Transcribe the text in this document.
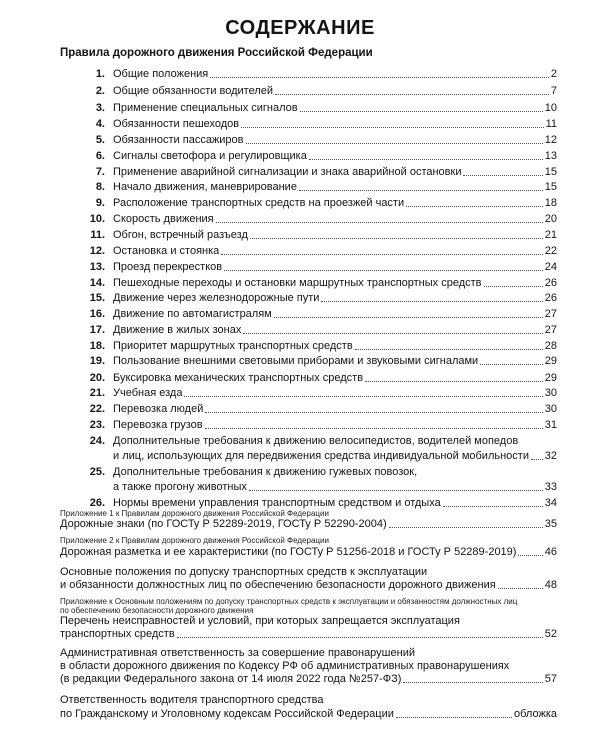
СОДЕРЖАНИЕ
Правила дорожного движения Российской Федерации
1. Общие положения	2
2. Общие обязанности водителей	7
3. Применение специальных сигналов	10
4. Обязанности пешеходов	11
5. Обязанности пассажиров	12
6. Сигналы светофора и регулировщика	13
7. Применение аварийной сигнализации и знака аварийной остановки	15
8. Начало движения, маневрирование	15
9. Расположение транспортных средств на проезжей части	18
10. Скорость движения	20
11. Обгон, встречный разъезд	21
12. Остановка и стоянка	22
13. Проезд перекрестков	24
14. Пешеходные переходы и остановки маршрутных транспортных средств	26
15. Движение через железнодорожные пути	26
16. Движение по автомагистралям	27
17. Движение в жилых зонах	27
18. Приоритет маршрутных транспортных средств	28
19. Пользование внешними световыми приборами и звуковыми сигналами	29
20. Буксировка механических транспортных средств	29
21. Учебная езда	30
22. Перевозка людей	30
23. Перевозка грузов	31
24. Дополнительные требования к движению велосипедистов, водителей мопедов
и лиц, использующих для передвижения средства индивидуальной мобильности 32
25. Дополнительные требования к движению гужевых повозок,
а также прогону животных	33
26. Нормы времени управления транспортным средством и отдыха	34
Приложение 1 к Правилам дорожного движения Российской Федерации
Дорожные знаки (по ГОСТу Р 52289-2019, ГОСТу Р 52290-2004)	35
Приложение 2 к Правилам дорожного движения Российской Федерации
Дорожная разметка и ее характеристики (по ГОСТу Р 51256-2018 и ГОСТу Р 52289-2019)	46
Основные положения по допуску транспортных средств к эксплуатации
и обязанности должностных лиц по обеспечению безопасности дорожного движения	48
Приложение к Основным положениям по допуску транспортных средств к эксплуатации и обязанностям должностных лиц
по обеспечению безопасности дорожного движения
Перечень неисправностей и условий, при которых запрещается эксплуатация
транспортных средств	52
Административная ответственность за совершение правонарушений
в области дорожного движения по Кодексу РФ об административных правонарушениях
(в редакции Федерального закона от 14 июля 2022 года №257-ФЗ)	57
Ответственность водителя транспортного средства
по Гражданскому и Уголовному кодексам Российской Федерации	обложка
